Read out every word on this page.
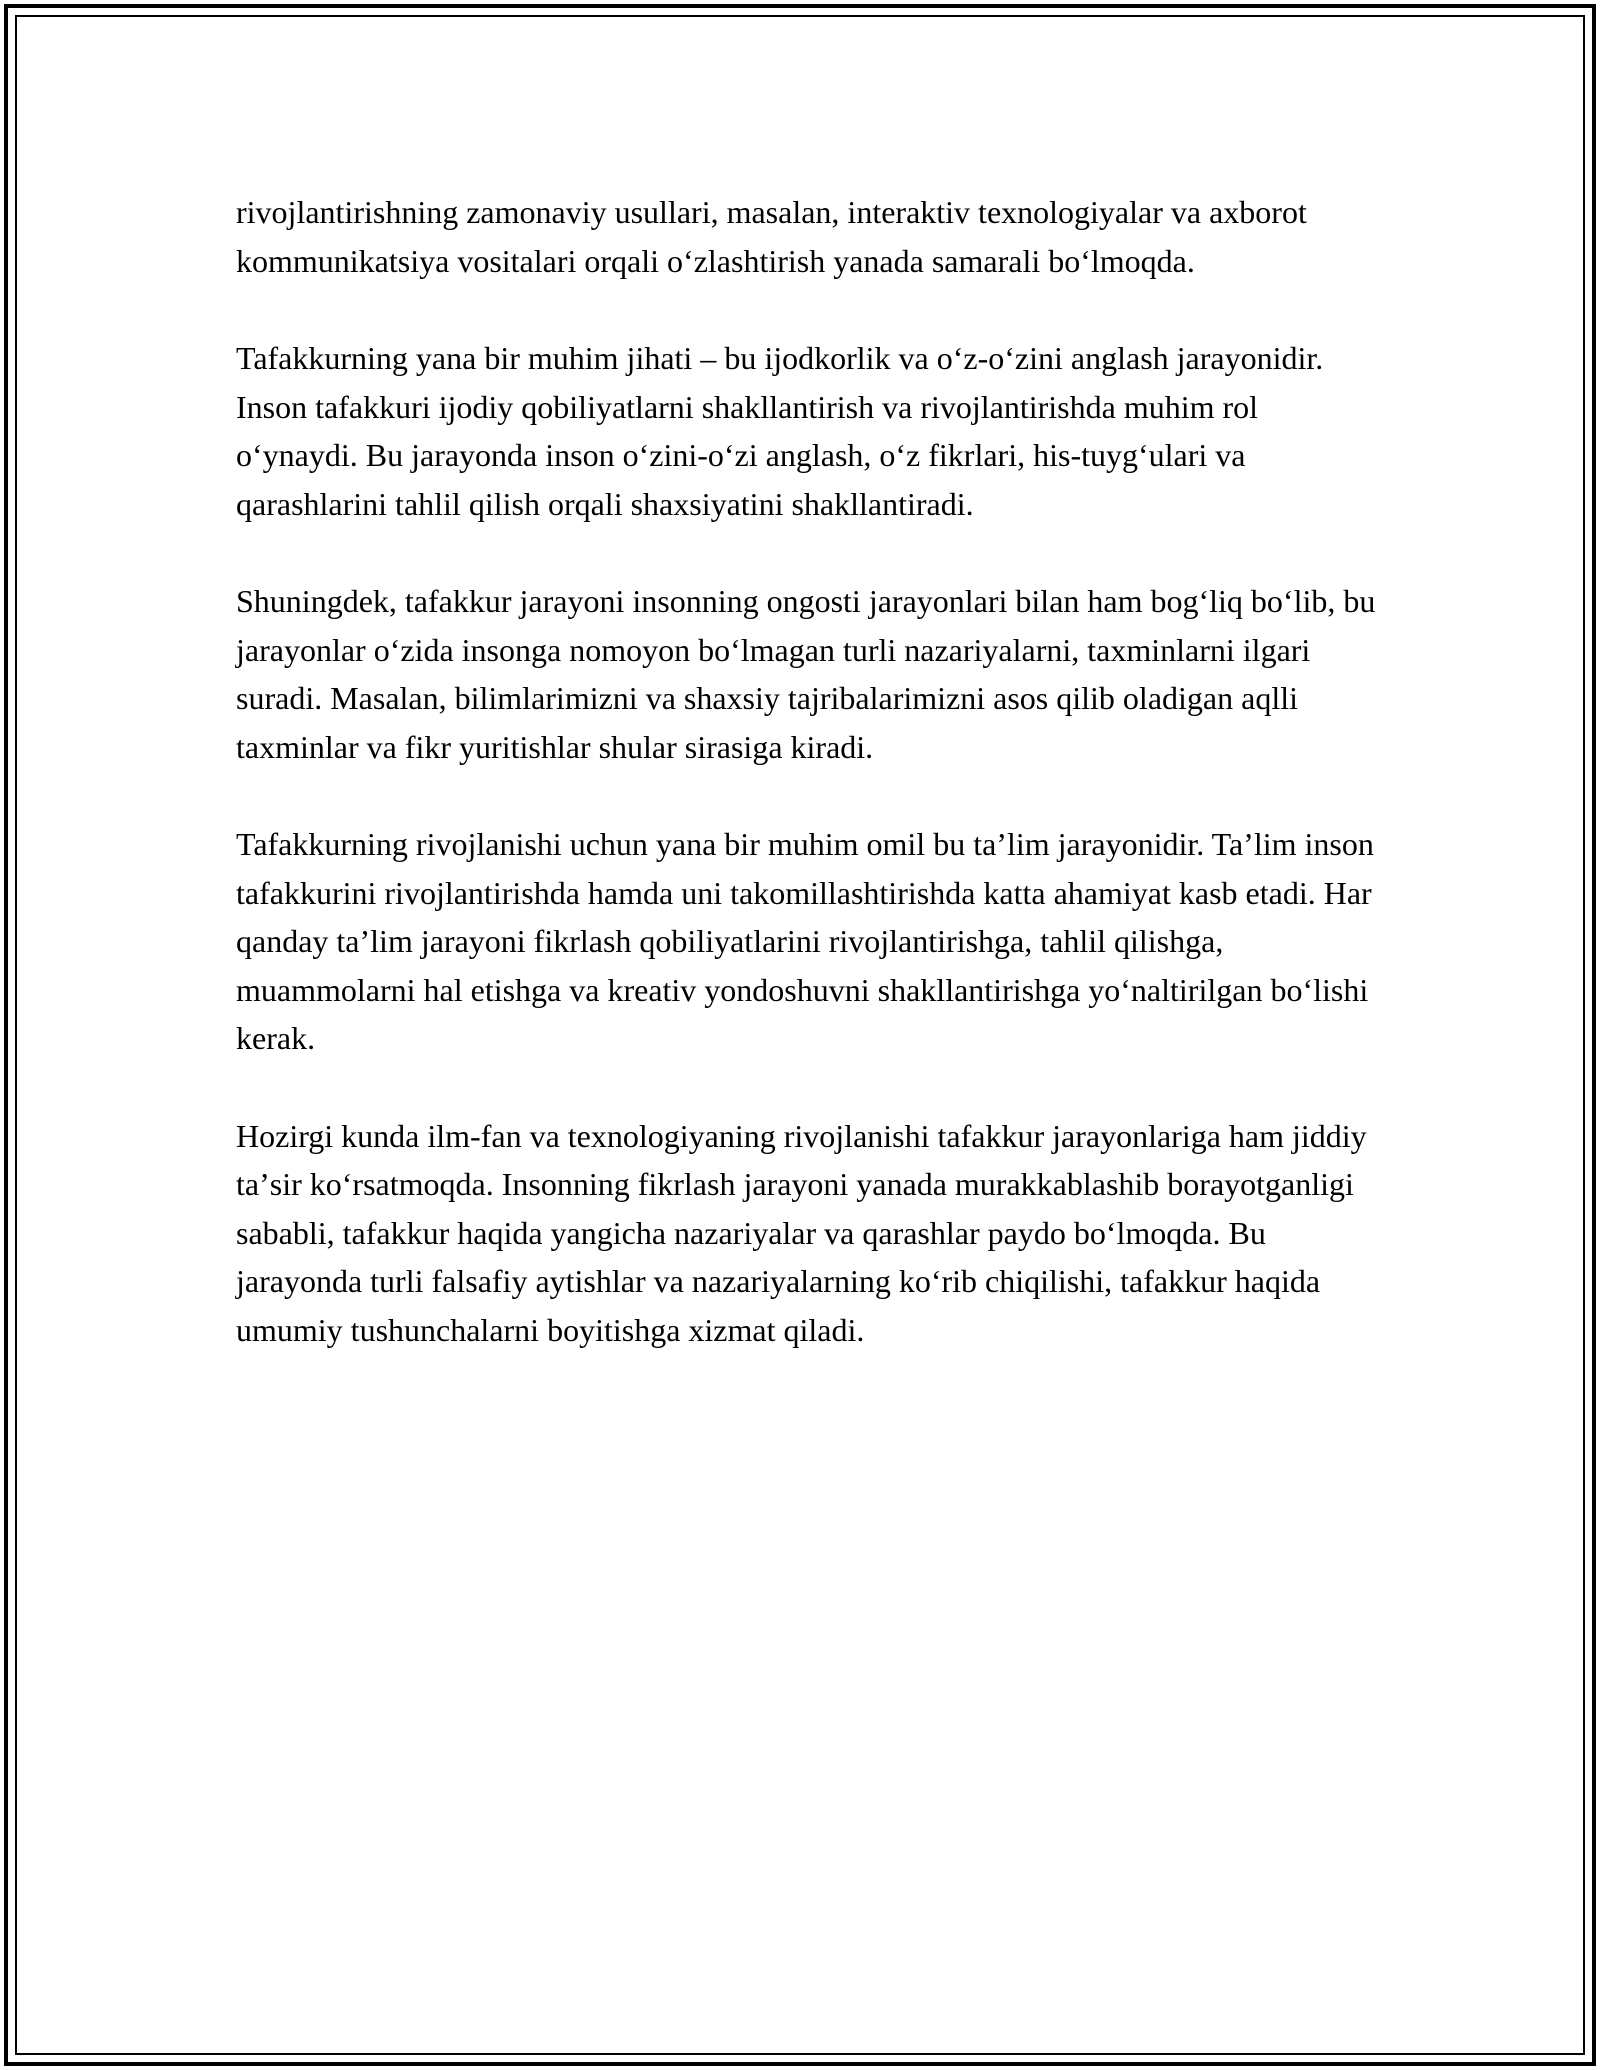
rivojlantirishning zamonaviy usullari, masalan, interaktiv texnologiyalar va axborot kommunikatsiya vositalari orqali oʻzlashtirish yanada samarali boʻlmoqda.

Tafakkurning yana bir muhim jihati – bu ijodkorlik va oʻz-oʻzini anglash jarayonidir. Inson tafakkuri ijodiy qobiliyatlarni shakllantirish va rivojlantirishda muhim rol oʻynaydi. Bu jarayonda inson oʻzini-oʻzi anglash, oʻz fikrlari, his-tuygʻulari va qarashlarini tahlil qilish orqali shaxsiyatini shakllantiradi.

Shuningdek, tafakkur jarayoni insonning ongosti jarayonlari bilan ham bogʻliq boʻlib, bu jarayonlar oʻzida insonga nomoyon boʻlmagan turli nazariyalarni, taxminlarni ilgari suradi. Masalan, bilimlarimizni va shaxsiy tajribalarimizni asos qilib oladigan aqlli taxminlar va fikr yuritishlar shular sirasiga kiradi.

Tafakkurning rivojlanishi uchun yana bir muhim omil bu taʼlim jarayonidir. Taʼlim inson tafakkurini rivojlantirishda hamda uni takomillashtirishda katta ahamiyat kasb etadi. Har qanday taʼlim jarayoni fikrlash qobiliyatlarini rivojlantirishga, tahlil qilishga, muammolarni hal etishga va kreativ yondoshuvni shakllantirishga yoʻnaltirilgan boʻlishi kerak.

Hozirgi kunda ilm-fan va texnologiyaning rivojlanishi tafakkur jarayonlariga ham jiddiy taʼsir koʻrsatmoqda. Insonning fikrlash jarayoni yanada murakkablashib borayotganligi sababli, tafakkur haqida yangicha nazariyalar va qarashlar paydo boʻlmoqda. Bu jarayonda turli falsafiy aytishlar va nazariyalarning koʻrib chiqilishi, tafakkur haqida umumiy tushunchalarni boyitishga xizmat qiladi.
